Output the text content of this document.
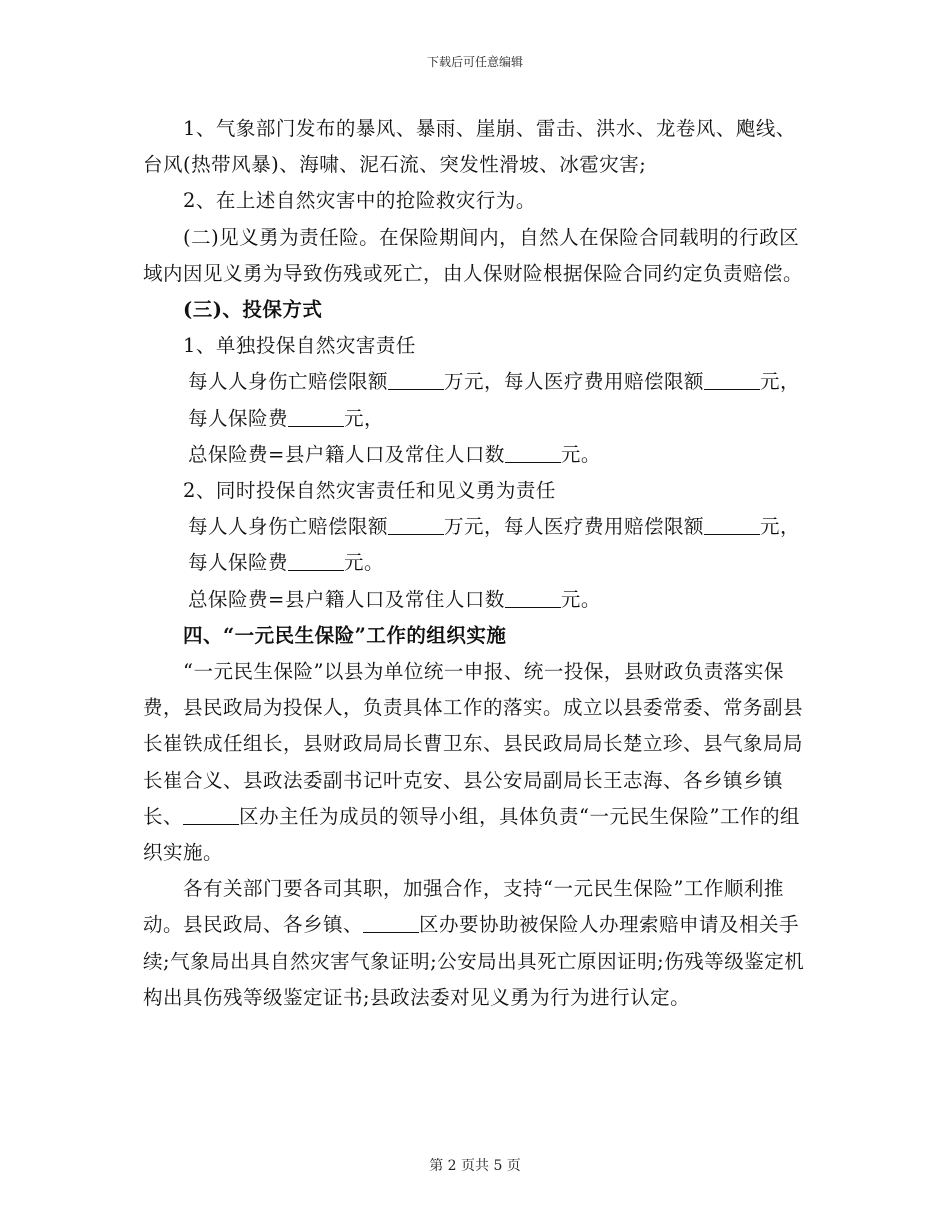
下载后可任意编辑

1、气象部门发布的暴风、暴雨、崖崩、雷击、洪水、龙卷风、飑线、台风(热带风暴)、海啸、泥石流、突发性滑坡、冰雹灾害;

2、在上述自然灾害中的抢险救灾行为。

(二)见义勇为责任险。在保险期间内，自然人在保险合同载明的行政区域内因见义勇为导致伤残或死亡，由人保财险根据保险合同约定负责赔偿。

(三)、投保方式

1、单独投保自然灾害责任

每人人身伤亡赔偿限额	万元，每人医疗费用赔偿限额	元，

每人保险费	元，

总保险费=县户籍人口及常住人口数	元。

2、同时投保自然灾害责任和见义勇为责任

每人人身伤亡赔偿限额	万元，每人医疗费用赔偿限额	元，

每人保险费	元。

总保险费=县户籍人口及常住人口数	元。

四、“一元民生保险”工作的组织实施

“一元民生保险”以县为单位统一申报、统一投保，县财政负责落实保费，县民政局为投保人，负责具体工作的落实。成立以县委常委、常务副县长崔铁成任组长，县财政局局长曹卫东、县民政局局长楚立珍、县气象局局长崔合义、县政法委副书记叶克安、县公安局副局长王志海、各乡镇乡镇长、	区办主任为成员的领导小组，具体负责“一元民生保险”工作的组织实施。

各有关部门要各司其职，加强合作，支持“一元民生保险”工作顺利推动。县民政局、各乡镇、	区办要协助被保险人办理索赔申请及相关手续;气象局出具自然灾害气象证明;公安局出具死亡原因证明;伤残等级鉴定机构出具伤残等级鉴定证书;县政法委对见义勇为行为进行认定。

第 2 页共 5 页
